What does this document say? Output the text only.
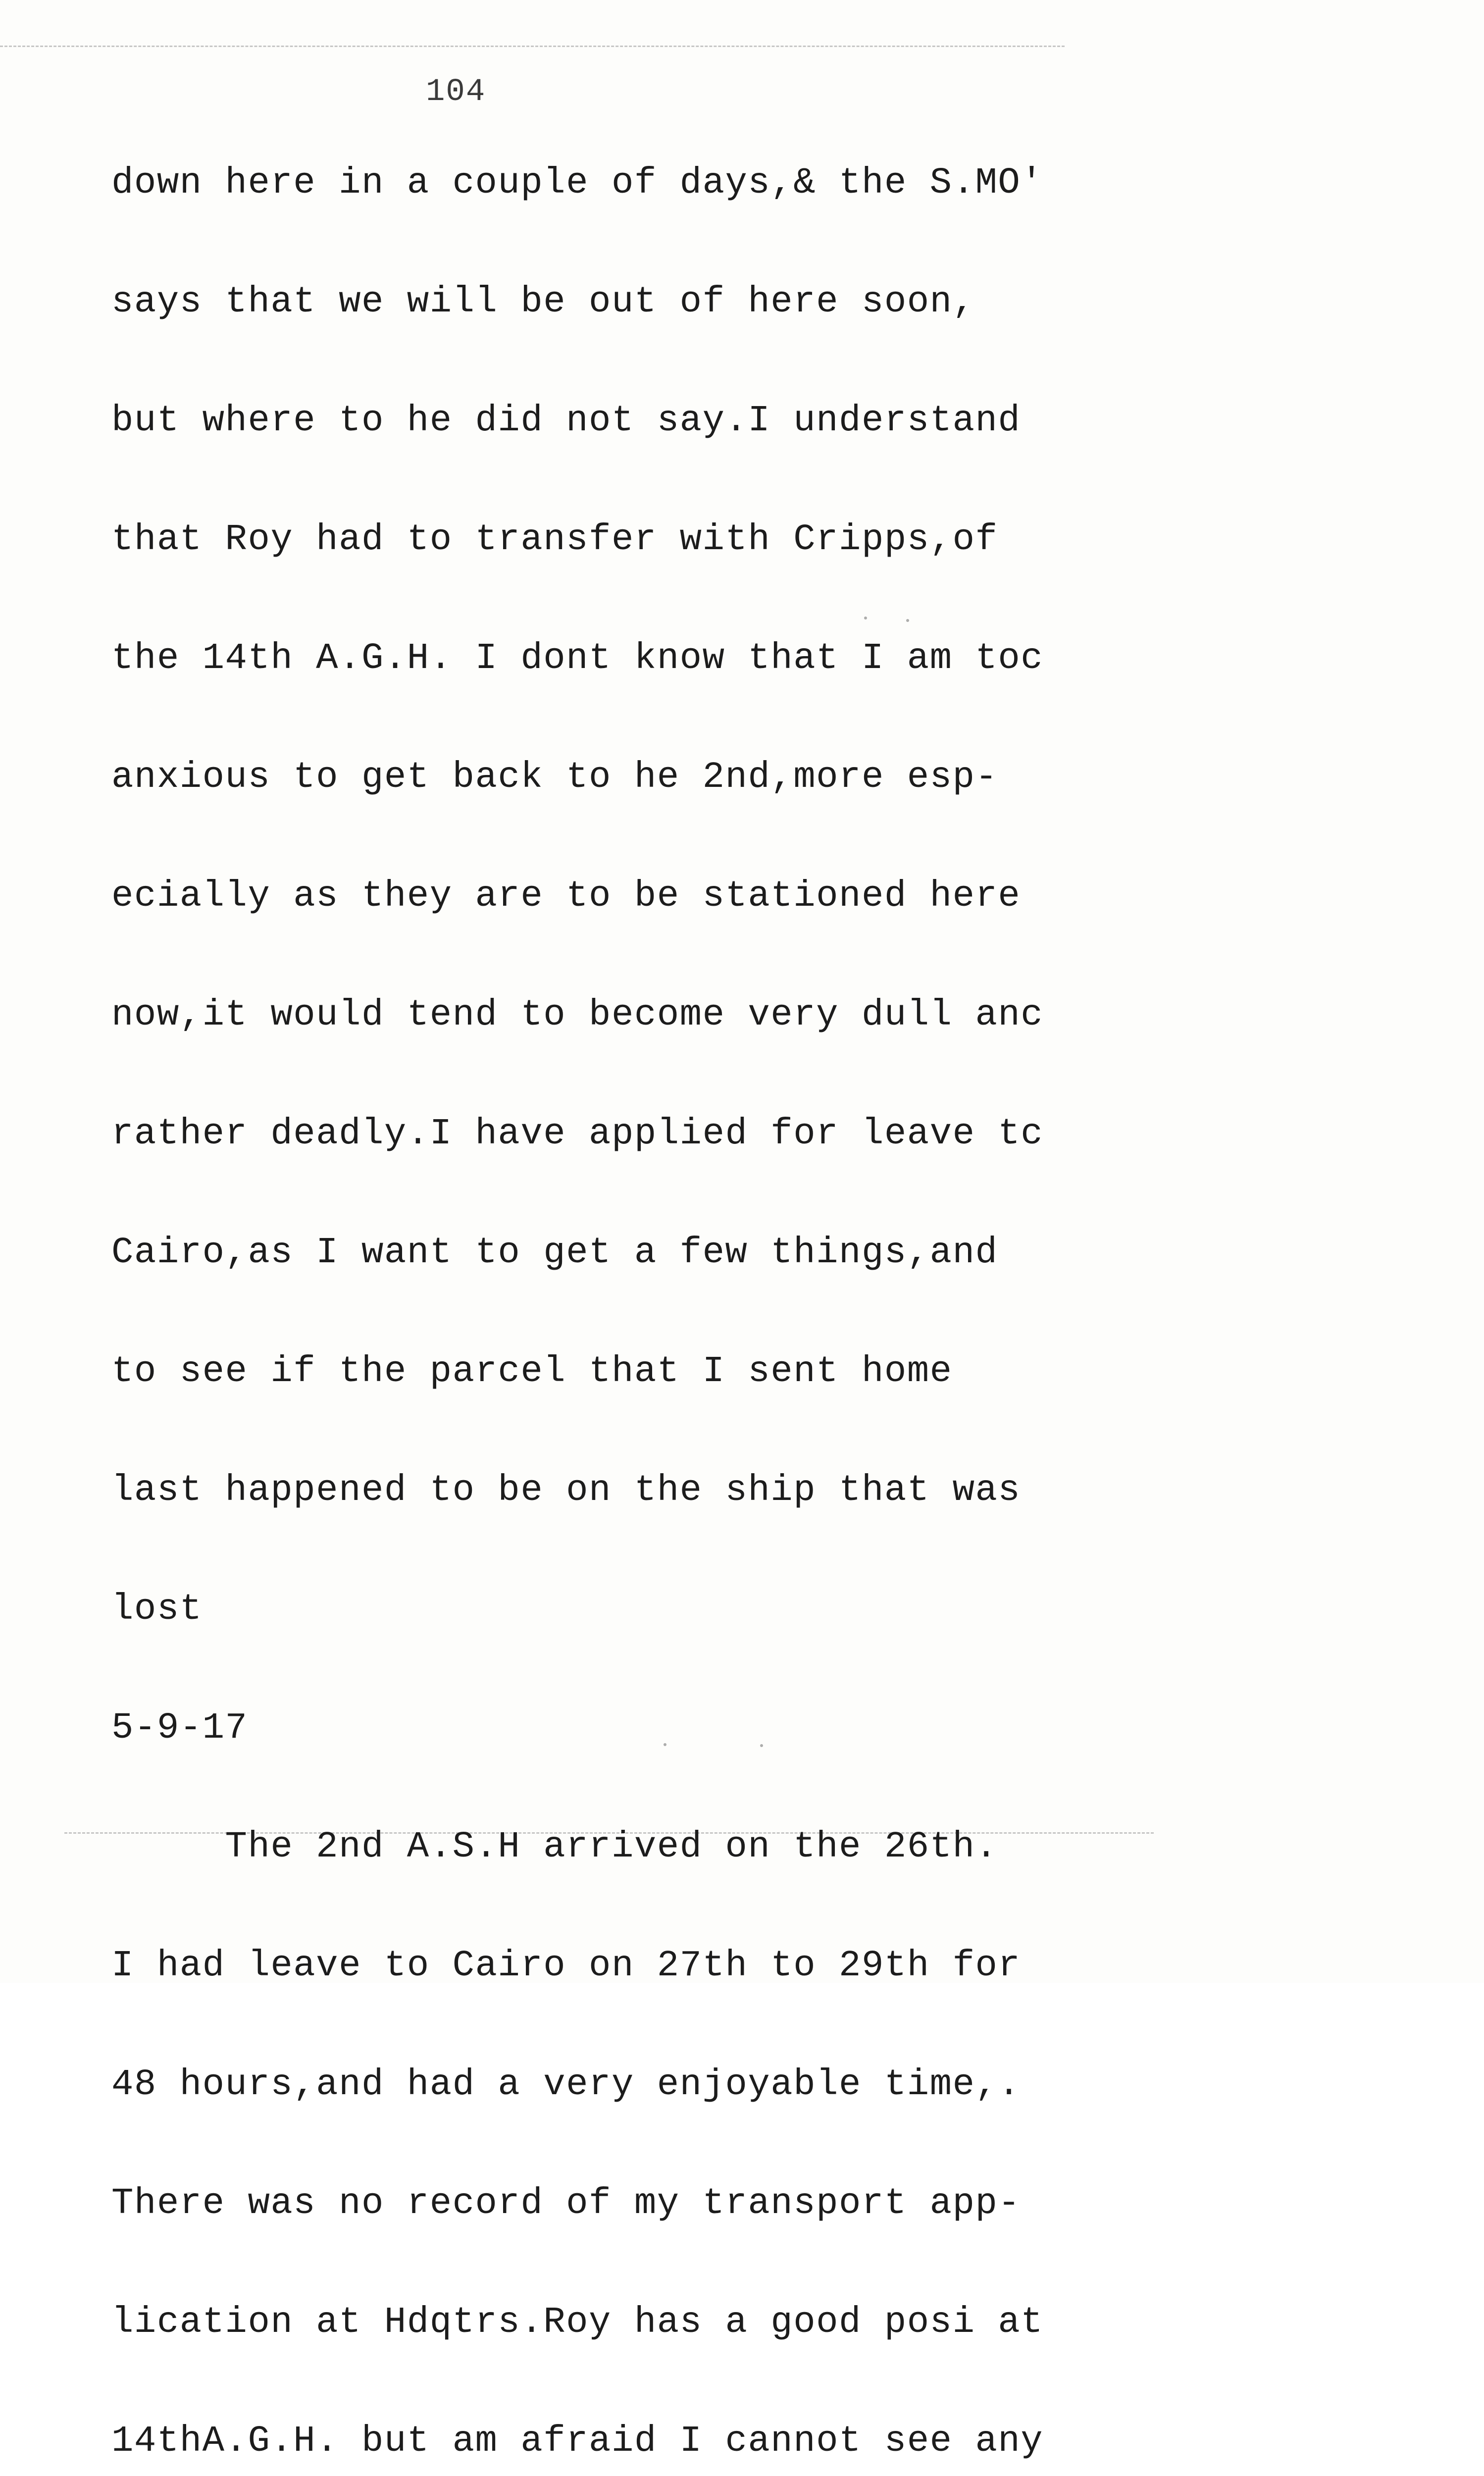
104

down here in a couple of days,& the S.MO'

says that we will be out of here soon,

but where to he did not say.I understand

that Roy had to transfer with Cripps,of

the 14th A.G.H. I dont know that I am toc

anxious to get back to he 2nd,more esp-

ecially as they are to be stationed here

now,it would tend to become very dull anc

rather deadly.I have applied for leave tc

Cairo,as I want to get a few things,and

to see if the parcel that I sent home

last happened to be on the ship that was

lost

5-9-17

The 2nd A.S.H arrived on the 26th.

I had leave to Cairo on 27th to 29th for

48 hours,and had a very enjoyable time,.

There was no record of my transport app-

lication at Hdqtrs.Roy has a good posi at

14thA.G.H. but am afraid I cannot see any
